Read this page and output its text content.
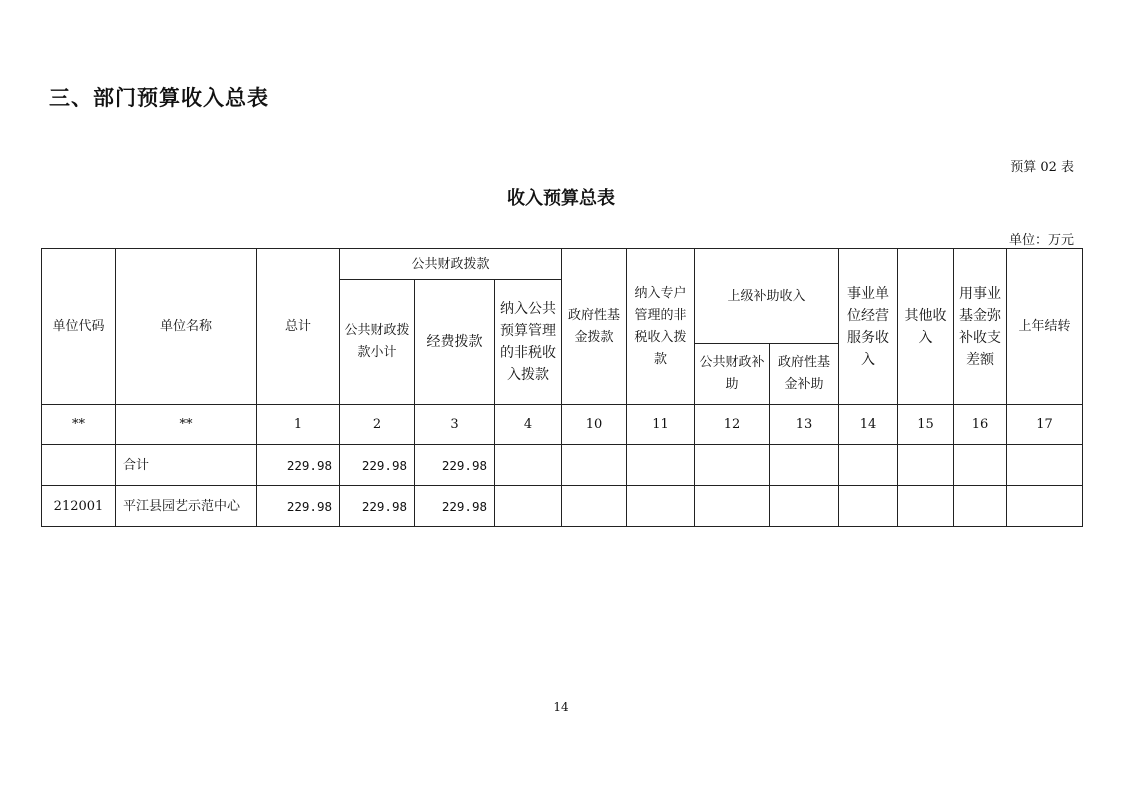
三、部门预算收入总表
预算 02 表
收入预算总表
单位：万元
单位代码	单位名称	总计	公共财政拨款			政府性基金拨款	纳入专户管理的非税收入拨款	上级补助收入		事业单位经营服务收入	其他收入	用事业基金弥补收支差额	上年结转
			公共财政拨款小计	经费拨款	纳入公共预算管理的非税收入拨款								
								公共财政补助	政府性基金补助				
**	**	1	2	3	4	10	11	12	13	14	15	16	17
	合计	229.98	229.98	229.98									
212001	平江县园艺示范中心	229.98	229.98	229.98									
14
